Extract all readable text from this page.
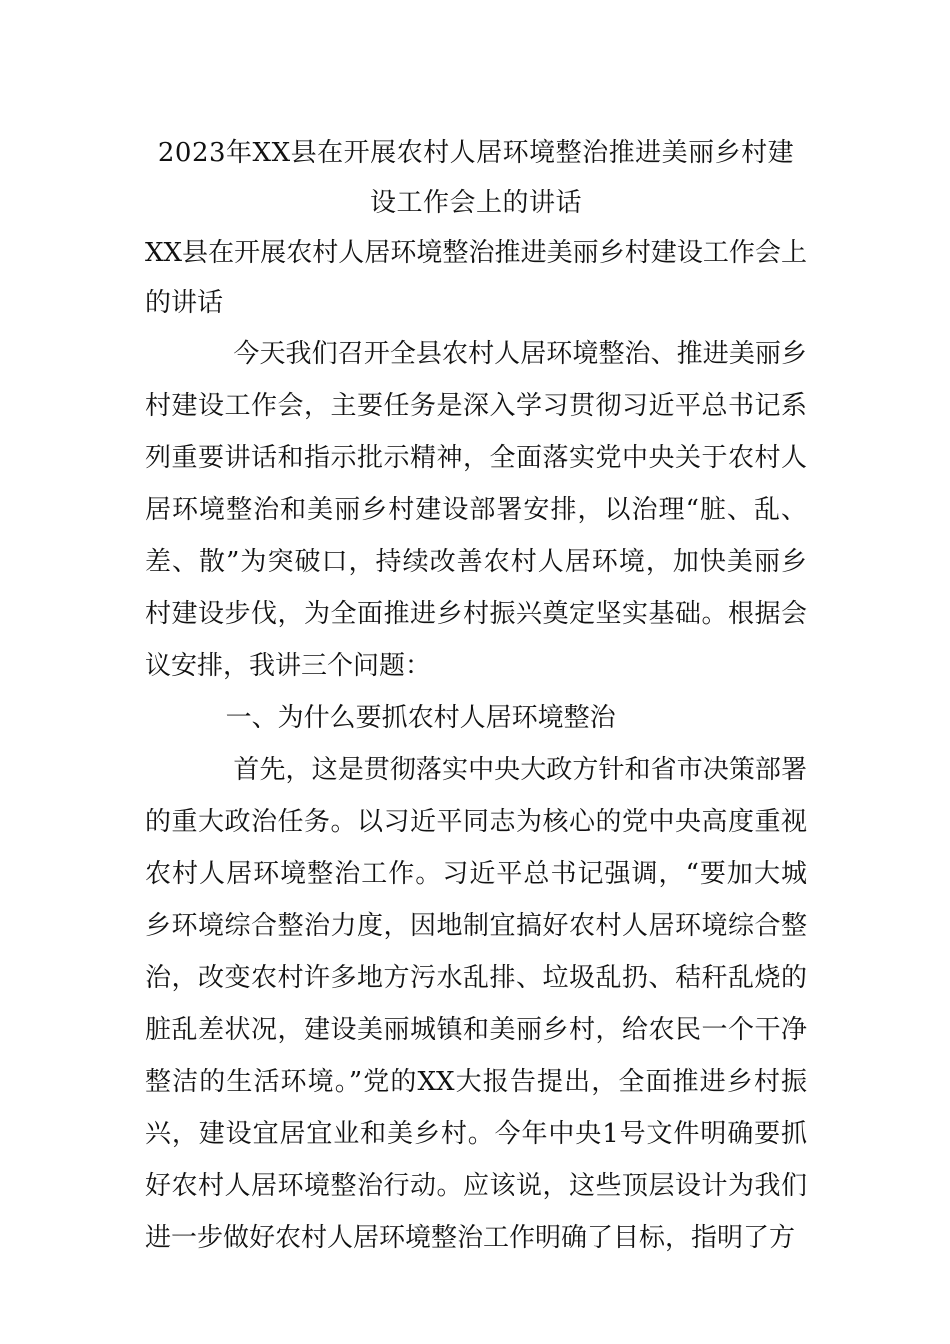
2023年XX县在开展农村人居环境整治推进美丽乡村建设工作会上的讲话

XX县在开展农村人居环境整治推进美丽乡村建设工作会上的讲话

今天我们召开全县农村人居环境整治、推进美丽乡村建设工作会，主要任务是深入学习贯彻习近平总书记系列重要讲话和指示批示精神，全面落实党中央关于农村人居环境整治和美丽乡村建设部署安排，以治理“脏、乱、差、散”为突破口，持续改善农村人居环境，加快美丽乡村建设步伐，为全面推进乡村振兴奠定坚实基础。根据会议安排，我讲三个问题：

一、为什么要抓农村人居环境整治

首先，这是贯彻落实中央大政方针和省市决策部署的重大政治任务。以习近平同志为核心的党中央高度重视农村人居环境整治工作。习近平总书记强调，“要加大城乡环境综合整治力度，因地制宜搞好农村人居环境综合整治，改变农村许多地方污水乱排、垃圾乱扔、秸秆乱烧的脏乱差状况，建设美丽城镇和美丽乡村，给农民一个干净整洁的生活环境。”党的XX大报告提出，全面推进乡村振兴，建设宜居宜业和美乡村。今年中央1号文件明确要抓好农村人居环境整治行动。应该说，这些顶层设计为我们进一步做好农村人居环境整治工作明确了目标，指明了方
